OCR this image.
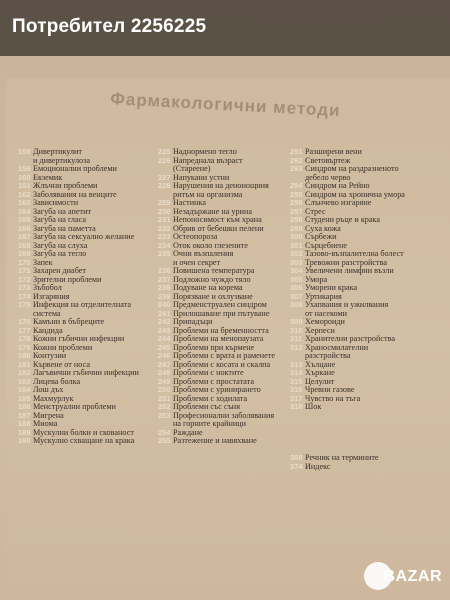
Фармакологични методи
158 Дивертикулит
и дивертикулоза
159 Емоционални проблеми
160 Екземик
161 Жлъчни проблеми
162 Заболявания на венците
163 Зависимости
164 Загуба на апетит
165 Загуба на гласа
166 Загуба на паметта
167 Загуба на сексуално желание
168 Загуба на слуха
169 Загуба на тегло
170 Запек
171 Захарен диабет
172 Зрителни проблеми
173 Зъбобол
174 Изгаряния
175 Инфекция на отделителната
система
176 Камъни в бъбреците
177 Кандида
178 Кожни гъбични инфекции
179 Кожни проблеми
180 Контузии
181 Кървене от носа
182 Лагъвични гъбични инфекции
183 Лицева болка
184 Лош дъх
185 Махмурлук
186 Менструални проблеми
187 Мигрена
188 Миома
189 Мускулни болки и скованост
190 Мускулно схващане на крака
225 Наднормено тегло
226 Напреднала възраст
(Стареене)
227 Напукани устни
228 Нарушения на денонощния
ритъм на организма
229 Настинка
230 Незадържане на урина
231 Непоносимост към храна
232 Обрив от бебешки пелени
233 Остеопороза
234 Оток около глезените
235 Очни възпаления
и очен секрет
236 Повишена температура
237 Подложно чуждо тяло
238 Подуване на корема
239 Порязване и охлузване
240 Предменструален синдром
241 Прилошаване при пътуване
242 Припадъци
243 Проблеми на бременността
244 Проблеми на менопаузата
245 Проблеми при кърмене
246 Проблеми с врата и раменете
247 Проблеми с косата и скалпа
248 Проблеми с ноктите
249 Проблеми с простатата
250 Проблеми с уринирането
251 Проблеми с ходилата
252 Проблеми със съня
253 Професионални заболявания
на горните крайници
254 Раждане
255 Разтежение и навяхване
291 Разширени вени
292 Световъртеж
293 Синдром на раздразненото
дебело черво
294 Синдром на Рейно
295 Синдром на хронична умора
296 Слънчево изгаряне
297 Стрес
298 Студени ръце и крака
299 Суха кожа
300 Сърбежи
301 Сърцебиене
302 Тазово-възпалителна болест
303 Тревожни разстройства
304 Увеличени лимфни възли
305 Умора
306 Уморени крака
307 Уртикария
308 Ухапвания и ужилвания
от насекоми
309 Хемороиди
310 Херпеси
311 Хранителни разстройства
312 Храносмилателни
разстройства
313 Хълцане
314 Хъркане
315 Целулит
316 Чревни газове
317 Чувство на тъга
318 Шок
368 Речник на термините
374 Индекс
Потребител 2256225
BAZAR
